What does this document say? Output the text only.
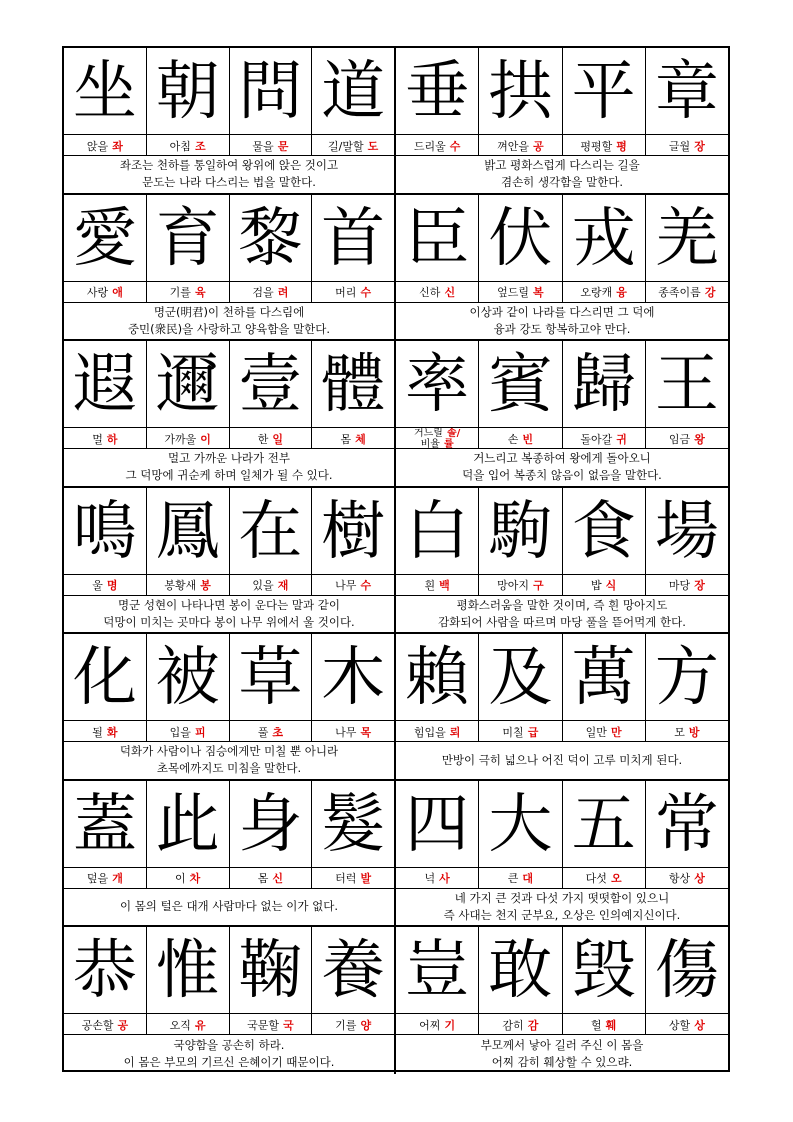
坐 朝 問 道
앉을 좌	아침 조	물을 문	길/말할 도
좌조는 천하를 통일하여 왕위에 앉은 것이고
문도는 나라 다스리는 법을 말한다.
垂 拱 平 章
드리울 수	껴안을 공	평평할 평	글월 장
밝고 평화스럽게 다스리는 길을
겸손히 생각함을 말한다.
愛 育 黎 首
사랑 애	기를 육	검을 려	머리 수
명군(明君)이 천하를 다스림에
중민(衆民)을 사랑하고 양육함을 말한다.
臣 伏 戎 羌
신하 신	엎드릴 복	오랑캐 융	종족이름 강
이상과 같이 나라를 다스리면 그 덕에
융과 강도 항복하고야 만다.
遐 邇 壹 體
멀 하	가까울 이	한 일	몸 체
멀고 가까운 나라가 전부
그 덕망에 귀순케 하며 일체가 될 수 있다.
率 賓 歸 王
거느릴 솔/
비율 률	손 빈	돌아갈 귀	임금 왕
거느리고 복종하여 왕에게 돌아오니
덕을 입어 복종치 않음이 없음을 말한다.
鳴 鳳 在 樹
울 명	봉황새 봉	있을 재	나무 수
명군 성현이 나타나면 봉이 운다는 말과 같이
덕망이 미치는 곳마다 봉이 나무 위에서 울 것이다.
白 駒 食 場
흰 백	망아지 구	밥 식	마당 장
평화스러움을 말한 것이며, 즉 흰 망아지도
감화되어 사람을 따르며 마당 풀을 뜯어먹게 한다.
化 被 草 木
될 화	입을 피	풀 초	나무 목
덕화가 사람이나 짐승에게만 미칠 뿐 아니라
초목에까지도 미침을 말한다.
賴 及 萬 方
힘입을 뢰	미칠 급	일만 만	모 방
만방이 극히 넓으나 어진 덕이 고루 미치게 된다.
蓋 此 身 髮
덮을 개	이 차	몸 신	터럭 발
이 몸의 털은 대개 사람마다 없는 이가 없다.
四 大 五 常
넉 사	큰 대	다섯 오	항상 상
네 가지 큰 것과 다섯 가지 떳떳함이 있으니
즉 사대는 천지 군부요, 오상은 인의예지신이다.
恭 惟 鞠 養
공손할 공	오직 유	국문할 국	기를 양
국양함을 공손히 하라.
이 몸은 부모의 기르신 은혜이기 때문이다.
豈 敢 毁 傷
어찌 기	감히 감	헐 훼	상할 상
부모께서 낳아 길러 주신 이 몸을
어찌 감히 훼상할 수 있으랴.
